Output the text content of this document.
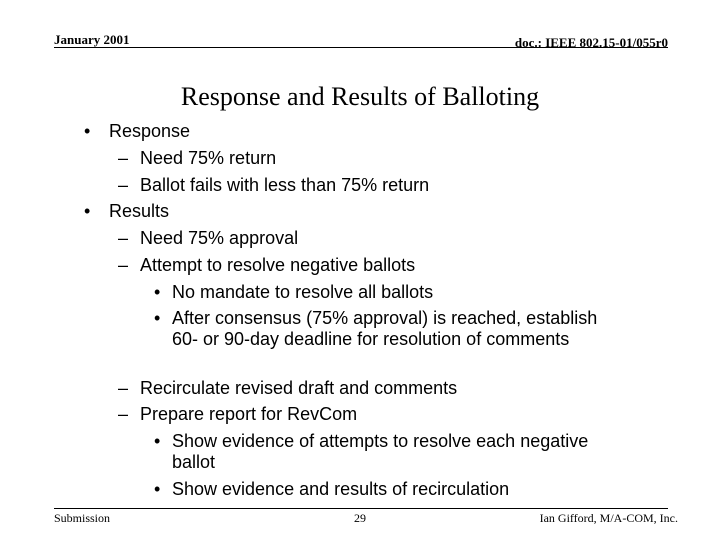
January 2001	doc.: IEEE 802.15-01/055r0
Response and Results of Balloting
• Response
– Need 75% return
– Ballot fails with less than 75% return
• Results
– Need 75% approval
– Attempt to resolve negative ballots
• No mandate to resolve all ballots
• After consensus (75% approval) is reached, establish 60- or 90-day deadline for resolution of comments
– Recirculate revised draft and comments
– Prepare report for RevCom
• Show evidence of attempts to resolve each negative ballot
• Show evidence and results of recirculation
Submission	29	Ian Gifford, M/A-COM, Inc.
